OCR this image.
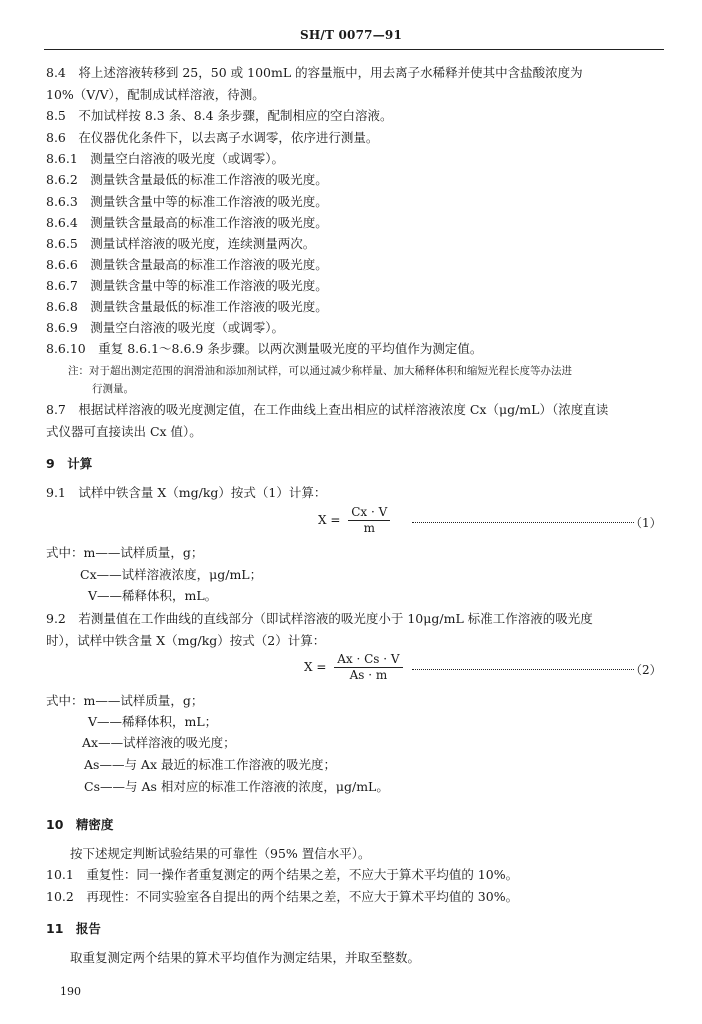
SH/T 0077—91
8.4　将上述溶液转移到 25，50 或 100mL 的容量瓶中，用去离子水稀释并使其中含盐酸浓度为
10%（V/V），配制成试样溶液，待测。
8.5　不加试样按 8.3 条、8.4 条步骤，配制相应的空白溶液。
8.6　在仪器优化条件下，以去离子水调零，依序进行测量。
8.6.1　测量空白溶液的吸光度（或调零）。
8.6.2　测量铁含量最低的标准工作溶液的吸光度。
8.6.3　测量铁含量中等的标准工作溶液的吸光度。
8.6.4　测量铁含量最高的标准工作溶液的吸光度。
8.6.5　测量试样溶液的吸光度，连续测量两次。
8.6.6　测量铁含量最高的标准工作溶液的吸光度。
8.6.7　测量铁含量中等的标准工作溶液的吸光度。
8.6.8　测量铁含量最低的标准工作溶液的吸光度。
8.6.9　测量空白溶液的吸光度（或调零）。
8.6.10　重复 8.6.1～8.6.9 条步骤。以两次测量吸光度的平均值作为测定值。
注：对于超出测定范围的润滑油和添加剂试样，可以通过减少称样量、加大稀释体积和缩短光程长度等办法进
行测量。
8.7　根据试样溶液的吸光度测定值，在工作曲线上查出相应的试样溶液浓度 Cx（μg/mL）（浓度直读
式仪器可直接读出 Cx 值）。
9　计算
9.1　试样中铁含量 X（mg/kg）按式（1）计算：
$X = \frac{Cx \cdot V}{m}$	（1）
式中：m——试样质量，g；
Cx——试样溶液浓度，μg/mL；
V——稀释体积，mL。
9.2　若测量值在工作曲线的直线部分（即试样溶液的吸光度小于 10μg/mL 标准工作溶液的吸光度
时），试样中铁含量 X（mg/kg）按式（2）计算：
$X = \frac{Ax \cdot Cs \cdot V}{As \cdot m}$	（2）
式中：m——试样质量，g；
V——稀释体积，mL；
Ax——试样溶液的吸光度；
As——与 Ax 最近的标准工作溶液的吸光度；
Cs——与 As 相对应的标准工作溶液的浓度，μg/mL。
10　精密度
按下述规定判断试验结果的可靠性（95% 置信水平）。
10.1　重复性：同一操作者重复测定的两个结果之差，不应大于算术平均值的 10%。
10.2　再现性：不同实验室各自提出的两个结果之差，不应大于算术平均值的 30%。
11　报告
取重复测定两个结果的算术平均值作为测定结果，并取至整数。
190
